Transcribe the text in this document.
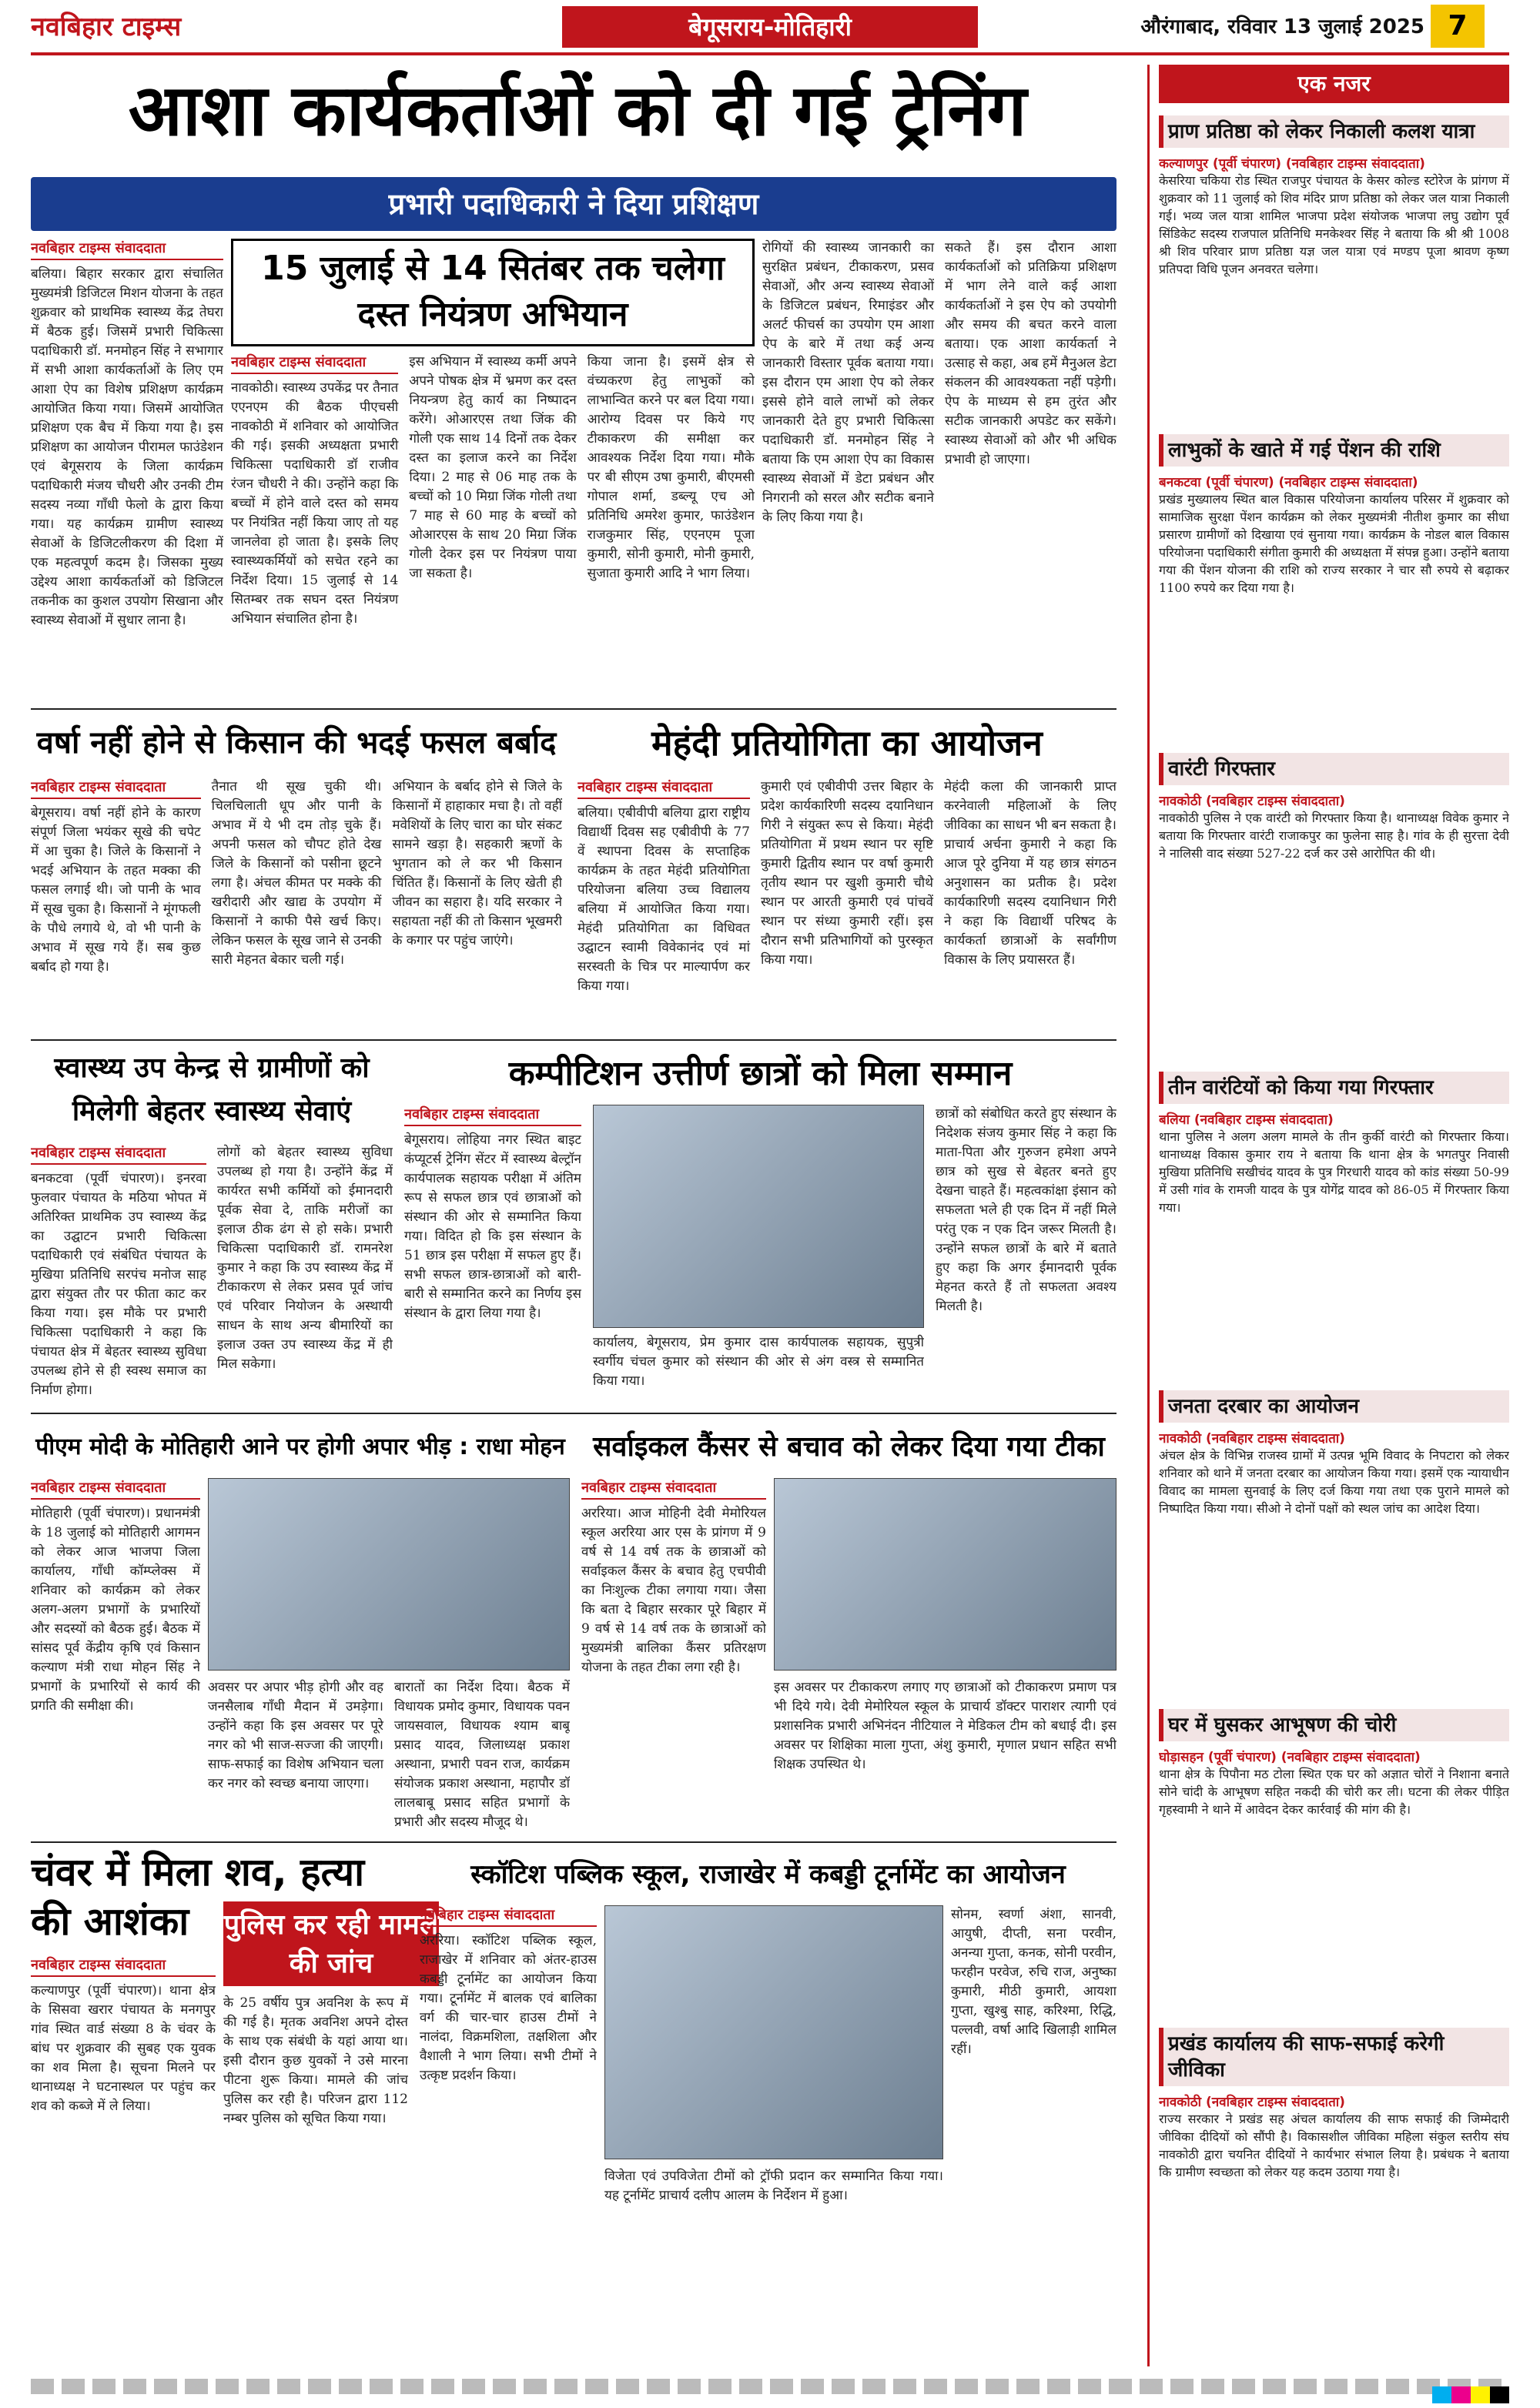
नवबिहार टाइम्स	बेगूसराय-मोतिहारी	औरंगाबाद, रविवार 13 जुलाई 2025 7
आशा कार्यकर्ताओं को दी गई ट्रेनिंग
प्रभारी पदाधिकारी ने दिया प्रशिक्षण
नवबिहार टाइम्स संवाददाता
बलिया। बिहार सरकार द्वारा संचालित मुख्यमंत्री डिजिटल मिशन योजना के तहत शुक्रवार को प्राथमिक स्वास्थ्य केंद्र तेघरा में बैठक हुई। जिसमें प्रभारी चिकित्सा पदाधिकारी डॉ. मनमोहन सिंह ने सभागार में सभी आशा कार्यकर्ताओं के लिए एम आशा ऐप का विशेष प्रशिक्षण कार्यक्रम आयोजित किया गया। जिसमें आयोजित प्रशिक्षण एक बैच में किया गया है। इस प्रशिक्षण का आयोजन पीरामल फाउंडेशन एवं बेगूसराय के जिला कार्यक्रम पदाधिकारी मंजय चौधरी और उनकी टीम सदस्य नव्या गाँधी फेलो के द्वारा किया गया। यह कार्यक्रम ग्रामीण स्वास्थ्य सेवाओं के डिजिटलीकरण की दिशा में एक महत्वपूर्ण कदम है। जिसका मुख्य उद्देश्य आशा कार्यकर्ताओं को डिजिटल तकनीक का कुशल उपयोग सिखाना और स्वास्थ्य सेवाओं में सुधार लाना है।
15 जुलाई से 14 सितंबर तक चलेगा दस्त नियंत्रण अभियान
नवबिहार टाइम्स संवाददाता
नावकोठी। स्वास्थ्य उपकेंद्र पर तैनात एएनएम की बैठक पीएचसी नावकोठी में शनिवार को आयोजित की गई। इसकी अध्यक्षता प्रभारी चिकित्सा पदाधिकारी डॉ राजीव रंजन चौधरी ने की। उन्होंने कहा कि बच्चों में होने वाले दस्त को समय पर नियंत्रित नहीं किया जाए तो यह जानलेवा हो जाता है। इसके लिए स्वास्थ्यकर्मियों को सचेत रहने का निर्देश दिया। 15 जुलाई से 14 सितम्बर तक सघन दस्त नियंत्रण अभियान संचालित होना है।
इस अभियान में स्वास्थ्य कर्मी अपने अपने पोषक क्षेत्र में भ्रमण कर दस्त नियन्त्रण हेतु कार्य का निष्पादन करेंगे। ओआरएस तथा जिंक की गोली एक साथ 14 दिनों तक देकर दस्त का इलाज करने का निर्देश दिया। 2 माह से 06 माह तक के बच्चों को 10 मिग्रा जिंक गोली तथा 7 माह से 60 माह के बच्चों को ओआरएस के साथ 20 मिग्रा जिंक गोली देकर इस पर नियंत्रण पाया जा सकता है।
किया जाना है। इसमें क्षेत्र से वंच्यकरण हेतु लाभुकों को लाभान्वित करने पर बल दिया गया। आरोग्य दिवस पर किये गए टीकाकरण की समीक्षा कर आवश्यक निर्देश दिया गया। मौके पर बी सीएम उषा कुमारी, बीएमसी गोपाल शर्मा, डब्ल्यू एच ओ प्रतिनिधि अमरेश कुमार, फाउंडेशन राजकुमार सिंह, एएनएम पूजा कुमारी, सोनी कुमारी, मोनी कुमारी, सुजाता कुमारी आदि ने भाग लिया।
रोगियों की स्वास्थ्य जानकारी का सुरक्षित प्रबंधन, टीकाकरण, प्रसव सेवाओं, और अन्य स्वास्थ्य सेवाओं के डिजिटल प्रबंधन, रिमाइंडर और अलर्ट फीचर्स का उपयोग एम आशा ऐप के बारे में तथा कई अन्य जानकारी विस्तार पूर्वक बताया गया। इस दौरान एम आशा ऐप को लेकर इससे होने वाले लाभों को लेकर जानकारी देते हुए प्रभारी चिकित्सा पदाधिकारी डॉ. मनमोहन सिंह ने बताया कि एम आशा ऐप का विकास स्वास्थ्य सेवाओं में डेटा प्रबंधन और निगरानी को सरल और सटीक बनाने के लिए किया गया है।
सकते हैं। इस दौरान आशा कार्यकर्ताओं को प्रतिक्रिया प्रशिक्षण में भाग लेने वाले कई आशा कार्यकर्ताओं ने इस ऐप को उपयोगी और समय की बचत करने वाला बताया। एक आशा कार्यकर्ता ने उत्साह से कहा, अब हमें मैनुअल डेटा संकलन की आवश्यकता नहीं पड़ेगी। ऐप के माध्यम से हम तुरंत और सटीक जानकारी अपडेट कर सकेंगे। स्वास्थ्य सेवाओं को और भी अधिक प्रभावी हो जाएगा।
वर्षा नहीं होने से किसान की भदई फसल बर्बाद
नवबिहार टाइम्स संवाददाता
बेगूसराय। वर्षा नहीं होने के कारण संपूर्ण जिला भयंकर सूखे की चपेट में आ चुका है। जिले के किसानों ने भदई अभियान के तहत मक्का की फसल लगाई थी। जो पानी के भाव में सूख चुका है। किसानों ने मूंगफली के पौधे लगाये थे, वो भी पानी के अभाव में सूख गये हैं। सब कुछ बर्बाद हो गया है।
तैनात थी सूख चुकी थी। चिलचिलाती धूप और पानी के अभाव में ये भी दम तोड़ चुके हैं। अपनी फसल को चौपट होते देख जिले के किसानों को पसीना छूटने लगा है। अंचल कीमत पर मक्के की खरीदारी और खाद्य के उपयोग में किसानों ने काफी पैसे खर्च किए। लेकिन फसल के सूख जाने से उनकी सारी मेहनत बेकार चली गई।
अभियान के बर्बाद होने से जिले के किसानों में हाहाकार मचा है। तो वहीं मवेशियों के लिए चारा का घोर संकट सामने खड़ा है। सहकारी ऋणों के भुगतान को ले कर भी किसान चिंतित हैं। किसानों के लिए खेती ही जीवन का सहारा है। यदि सरकार ने सहायता नहीं की तो किसान भूखमरी के कगार पर पहुंच जाएंगे।
मेहंदी प्रतियोगिता का आयोजन
नवबिहार टाइम्स संवाददाता
बलिया। एबीवीपी बलिया द्वारा राष्ट्रीय विद्यार्थी दिवस सह एबीवीपी के 77 वें स्थापना दिवस के सप्ताहिक कार्यक्रम के तहत मेहंदी प्रतियोगिता परियोजना बलिया उच्च विद्यालय बलिया में आयोजित किया गया। मेहंदी प्रतियोगिता का विधिवत उद्घाटन स्वामी विवेकानंद एवं मां सरस्वती के चित्र पर माल्यार्पण कर किया गया।
कुमारी एवं एबीवीपी उत्तर बिहार के प्रदेश कार्यकारिणी सदस्य दयानिधान गिरी ने संयुक्त रूप से किया। मेहंदी प्रतियोगिता में प्रथम स्थान पर सृष्टि कुमारी द्वितीय स्थान पर वर्षा कुमारी तृतीय स्थान पर खुशी कुमारी चौथे स्थान पर आरती कुमारी एवं पांचवें स्थान पर संध्या कुमारी रहीं। इस दौरान सभी प्रतिभागियों को पुरस्कृत किया गया।
मेहंदी कला की जानकारी प्राप्त करनेवाली महिलाओं के लिए जीविका का साधन भी बन सकता है। प्राचार्य अर्चना कुमारी ने कहा कि आज पूरे दुनिया में यह छात्र संगठन अनुशासन का प्रतीक है। प्रदेश कार्यकारिणी सदस्य दयानिधान गिरी ने कहा कि विद्यार्थी परिषद के कार्यकर्ता छात्राओं के सर्वांगीण विकास के लिए प्रयासरत हैं।
स्वास्थ्य उप केन्द्र से ग्रामीणों को मिलेगी बेहतर स्वास्थ्य सेवाएं
नवबिहार टाइम्स संवाददाता
बनकटवा (पूर्वी चंपारण)। इनरवा फुलवार पंचायत के मठिया भोपत में अतिरिक्त प्राथमिक उप स्वास्थ्य केंद्र का उद्घाटन प्रभारी चिकित्सा पदाधिकारी एवं संबंधित पंचायत के मुखिया प्रतिनिधि सरपंच मनोज साह द्वारा संयुक्त तौर पर फीता काट कर किया गया। इस मौके पर प्रभारी चिकित्सा पदाधिकारी ने कहा कि पंचायत क्षेत्र में बेहतर स्वास्थ्य सुविधा उपलब्ध होने से ही स्वस्थ समाज का निर्माण होगा।
लोगों को बेहतर स्वास्थ्य सुविधा उपलब्ध हो गया है। उन्होंने केंद्र में कार्यरत सभी कर्मियों को ईमानदारी पूर्वक सेवा दे, ताकि मरीजों का इलाज ठीक ढंग से हो सके। प्रभारी चिकित्सा पदाधिकारी डॉ. रामनरेश कुमार ने कहा कि उप स्वास्थ्य केंद्र में टीकाकरण से लेकर प्रसव पूर्व जांच एवं परिवार नियोजन के अस्थायी साधन के साथ अन्य बीमारियों का इलाज उक्त उप स्वास्थ्य केंद्र में ही मिल सकेगा।
कम्पीटिशन उत्तीर्ण छात्रों को मिला सम्मान
नवबिहार टाइम्स संवाददाता
बेगूसराय। लोहिया नगर स्थित बाइट कंप्यूटर्स ट्रेनिंग सेंटर में स्वास्थ्य बेल्ट्रॉन कार्यपालक सहायक परीक्षा में अंतिम रूप से सफल छात्र एवं छात्राओं को संस्थान की ओर से सम्मानित किया गया। विदित हो कि इस संस्थान के 51 छात्र इस परीक्षा में सफल हुए हैं। सभी सफल छात्र-छात्राओं को बारी-बारी से सम्मानित करने का निर्णय इस संस्थान के द्वारा लिया गया है।
कार्यालय, बेगूसराय, प्रेम कुमार दास कार्यपालक सहायक, सुपुत्री स्वर्गीय चंचल कुमार को संस्थान की ओर से अंग वस्त्र से सम्मानित किया गया।
छात्रों को संबोधित करते हुए संस्थान के निदेशक संजय कुमार सिंह ने कहा कि माता-पिता और गुरुजन हमेशा अपने छात्र को सुख से बेहतर बनते हुए देखना चाहते हैं। महत्वकांक्षा इंसान को सफलता भले ही एक दिन में नहीं मिले परंतु एक न एक दिन जरूर मिलती है। उन्होंने सफल छात्रों के बारे में बताते हुए कहा कि अगर ईमानदारी पूर्वक मेहनत करते हैं तो सफलता अवश्य मिलती है।
पीएम मोदी के मोतिहारी आने पर होगी अपार भीड़ : राधा मोहन
नवबिहार टाइम्स संवाददाता
मोतिहारी (पूर्वी चंपारण)। प्रधानमंत्री के 18 जुलाई को मोतिहारी आगमन को लेकर आज भाजपा जिला कार्यालय, गाँधी कॉम्प्लेक्स में शनिवार को कार्यक्रम को लेकर अलग-अलग प्रभागों के प्रभारियों और सदस्यों को बैठक हुई। बैठक में सांसद पूर्व केंद्रीय कृषि एवं किसान कल्याण मंत्री राधा मोहन सिंह ने प्रभागों के प्रभारियों से कार्य की प्रगति की समीक्षा की।
अवसर पर अपार भीड़ होगी और वह जनसैलाब गाँधी मैदान में उमड़ेगा। उन्होंने कहा कि इस अवसर पर पूरे नगर को भी साज-सज्जा की जाएगी। साफ-सफाई का विशेष अभियान चला कर नगर को स्वच्छ बनाया जाएगा।
बारातों का निर्देश दिया। बैठक में विधायक प्रमोद कुमार, विधायक पवन जायसवाल, विधायक श्याम बाबू प्रसाद यादव, जिलाध्यक्ष प्रकाश अस्थाना, प्रभारी पवन राज, कार्यक्रम संयोजक प्रकाश अस्थाना, महापौर डॉ लालबाबू प्रसाद सहित प्रभागों के प्रभारी और सदस्य मौजूद थे।
सर्वाइकल कैंसर से बचाव को लेकर दिया गया टीका
नवबिहार टाइम्स संवाददाता
अररिया। आज मोहिनी देवी मेमोरियल स्कूल अररिया आर एस के प्रांगण में 9 वर्ष से 14 वर्ष तक के छात्राओं को सर्वाइकल कैंसर के बचाव हेतु एचपीवी का निःशुल्क टीका लगाया गया। जैसा कि बता दे बिहार सरकार पूरे बिहार में 9 वर्ष से 14 वर्ष तक के छात्राओं को मुख्यमंत्री बालिका कैंसर प्रतिरक्षण योजना के तहत टीका लगा रही है।
इस अवसर पर टीकाकरण लगाए गए छात्राओं को टीकाकरण प्रमाण पत्र भी दिये गये। देवी मेमोरियल स्कूल के प्राचार्य डॉक्टर पाराशर त्यागी एवं प्रशासनिक प्रभारी अभिनंदन नीटियाल ने मेडिकल टीम को बधाई दी। इस अवसर पर शिक्षिका माला गुप्ता, अंशु कुमारी, मृणाल प्रधान सहित सभी शिक्षक उपस्थित थे।
चंवर में मिला शव, हत्या की आशंका
नवबिहार टाइम्स संवाददाता
कल्याणपुर (पूर्वी चंपारण)। थाना क्षेत्र के सिसवा खरार पंचायत के मनगपुर गांव स्थित वार्ड संख्या 8 के चंवर के बांध पर शुक्रवार की सुबह एक युवक का शव मिला है। सूचना मिलने पर थानाध्यक्ष ने घटनास्थल पर पहुंच कर शव को कब्जे में ले लिया।
पुलिस कर रही मामले की जांच
के 25 वर्षीय पुत्र अवनिश के रूप में की गई है। मृतक अवनिश अपने दोस्त के साथ एक संबंधी के यहां आया था। इसी दौरान कुछ युवकों ने उसे मारना पीटना शुरू किया। मामले की जांच पुलिस कर रही है। परिजन द्वारा 112 नम्बर पुलिस को सूचित किया गया।
स्कॉटिश पब्लिक स्कूल, राजाखेर में कबड्डी टूर्नामेंट का आयोजन
नवबिहार टाइम्स संवाददाता
अररिया। स्कॉटिश पब्लिक स्कूल, राजाखेर में शनिवार को अंतर-हाउस कबड्डी टूर्नामेंट का आयोजन किया गया। टूर्नामेंट में बालक एवं बालिका वर्ग की चार-चार हाउस टीमों ने नालंदा, विक्रमशिला, तक्षशिला और वैशाली ने भाग लिया। सभी टीमों ने उत्कृष्ट प्रदर्शन किया।
विजेता एवं उपविजेता टीमों को ट्रॉफी प्रदान कर सम्मानित किया गया। यह टूर्नामेंट प्राचार्य दलीप आलम के निर्देशन में हुआ।
सोनम, स्वर्णा अंशा, सानवी, आयुषी, दीप्ती, सना परवीन, अनन्या गुप्ता, कनक, सोनी परवीन, फरहीन परवेज, रुचि राज, अनुष्का कुमारी, मीठी कुमारी, आयशा गुप्ता, खुश्बु साह, करिश्मा, रिद्धि, पल्लवी, वर्षा आदि खिलाड़ी शामिल रहीं।
एक नजर
प्राण प्रतिष्ठा को लेकर निकाली कलश यात्रा
कल्याणपुर (पूर्वी चंपारण) (नवबिहार टाइम्स संवाददाता)
केसरिया चकिया रोड स्थित राजपुर पंचायत के केसर कोल्ड स्टोरेज के प्रांगण में शुक्रवार को 11 जुलाई को शिव मंदिर प्राण प्रतिष्ठा को लेकर जल यात्रा निकाली गई। भव्य जल यात्रा शामिल भाजपा प्रदेश संयोजक भाजपा लघु उद्योग पूर्व सिंडिकेट सदस्य राजपाल प्रतिनिधि मनकेश्वर सिंह ने बताया कि श्री श्री 1008 श्री शिव परिवार प्राण प्रतिष्ठा यज्ञ जल यात्रा एवं मण्डप पूजा श्रावण कृष्ण प्रतिपदा विधि पूजन अनवरत चलेगा।
लाभुकों के खाते में गई पेंशन की राशि
बनकटवा (पूर्वी चंपारण) (नवबिहार टाइम्स संवाददाता)
प्रखंड मुख्यालय स्थित बाल विकास परियोजना कार्यालय परिसर में शुक्रवार को सामाजिक सुरक्षा पेंशन कार्यक्रम को लेकर मुख्यमंत्री नीतीश कुमार का सीधा प्रसारण ग्रामीणों को दिखाया एवं सुनाया गया। कार्यक्रम के नोडल बाल विकास परियोजना पदाधिकारी संगीता कुमारी की अध्यक्षता में संपन्न हुआ। उन्होंने बताया गया की पेंशन योजना की राशि को राज्य सरकार ने चार सौ रुपये से बढ़ाकर 1100 रुपये कर दिया गया है।
वारंटी गिरफ्तार
नावकोठी (नवबिहार टाइम्स संवाददाता)
नावकोठी पुलिस ने एक वारंटी को गिरफ्तार किया है। थानाध्यक्ष विवेक कुमार ने बताया कि गिरफ्तार वारंटी राजाकपुर का फुलेना साह है। गांव के ही सुरत्ता देवी ने नालिसी वाद संख्या 527-22 दर्ज कर उसे आरोपित की थी।
तीन वारंटियों को किया गया गिरफ्तार
बलिया (नवबिहार टाइम्स संवाददाता)
थाना पुलिस ने अलग अलग मामले के तीन कुर्की वारंटी को गिरफ्तार किया। थानाध्यक्ष विकास कुमार राय ने बताया कि थाना क्षेत्र के भगतपुर निवासी मुखिया प्रतिनिधि सखीचंद यादव के पुत्र गिरधारी यादव को कांड संख्या 50-99 में उसी गांव के रामजी यादव के पुत्र योगेंद्र यादव को 86-05 में गिरफ्तार किया गया।
जनता दरबार का आयोजन
नावकोठी (नवबिहार टाइम्स संवाददाता)
अंचल क्षेत्र के विभिन्न राजस्व ग्रामों में उत्पन्न भूमि विवाद के निपटारा को लेकर शनिवार को थाने में जनता दरबार का आयोजन किया गया। इसमें एक न्यायाधीन विवाद का मामला सुनवाई के लिए दर्ज किया गया तथा एक पुराने मामले को निष्पादित किया गया। सीओ ने दोनों पक्षों को स्थल जांच का आदेश दिया।
घर में घुसकर आभूषण की चोरी
घोड़ासहन (पूर्वी चंपारण) (नवबिहार टाइम्स संवाददाता)
थाना क्षेत्र के पिपौना मठ टोला स्थित एक घर को अज्ञात चोरों ने निशाना बनाते सोने चांदी के आभूषण सहित नकदी की चोरी कर ली। घटना की लेकर पीड़ित गृहस्वामी ने थाने में आवेदन देकर कार्रवाई की मांग की है।
प्रखंड कार्यालय की साफ-सफाई करेगी जीविका
नावकोठी (नवबिहार टाइम्स संवाददाता)
राज्य सरकार ने प्रखंड सह अंचल कार्यालय की साफ सफाई की जिम्मेदारी जीविका दीदियों को सौंपी है। विकासशील जीविका महिला संकुल स्तरीय संघ नावकोठी द्वारा चयनित दीदियों ने कार्यभार संभाल लिया है। प्रबंधक ने बताया कि ग्रामीण स्वच्छता को लेकर यह कदम उठाया गया है।
